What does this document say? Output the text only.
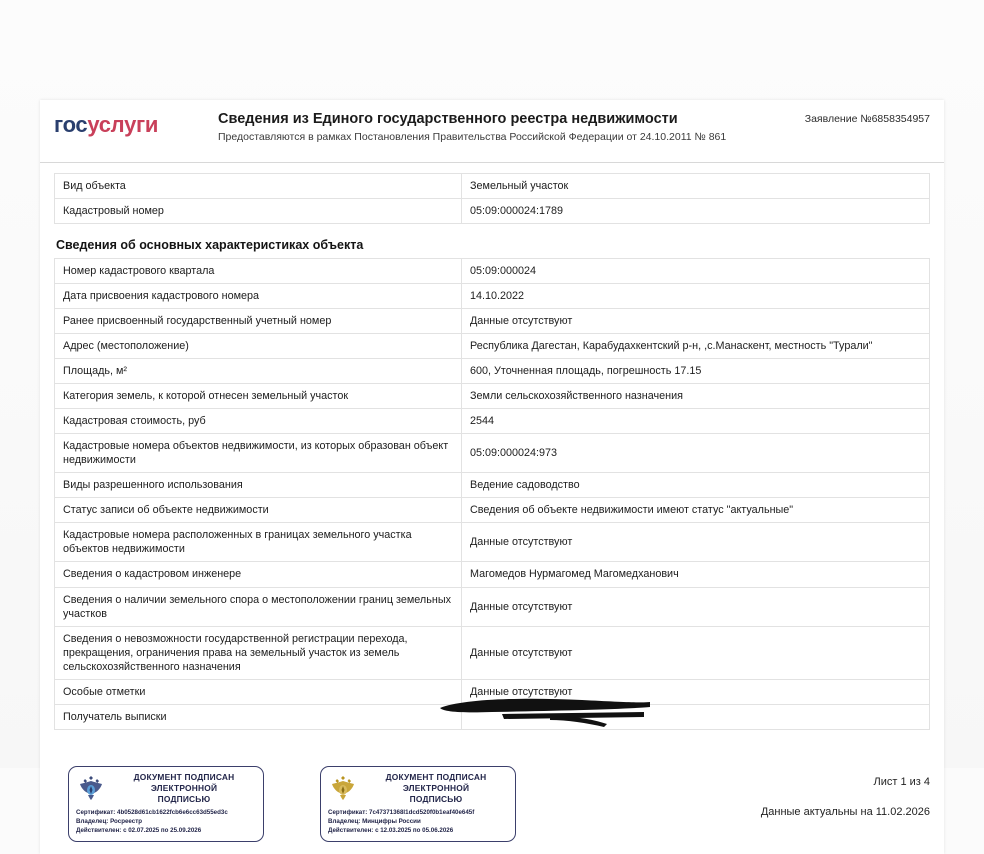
госуслуги	Сведения из Единого государственного реестра недвижимости
Предоставляются в рамках Постановления Правительства Российской Федерации от 24.10.2011 № 861
Заявление №6858354957
Вид объекта	Земельный участок
Кадастровый номер	05:09:000024:1789
Сведения об основных характеристиках объекта
Номер кадастрового квартала	05:09:000024
Дата присвоения кадастрового номера	14.10.2022
Ранее присвоенный государственный учетный номер	Данные отсутствуют
Адрес (местоположение)	Республика Дагестан, Карабудахкентский р-н, ,с.Манаскент, местность "Турали"
Площадь, м²	600, Уточненная площадь, погрешность 17.15
Категория земель, к которой отнесен земельный участок	Земли сельскохозяйственного назначения
Кадастровая стоимость, руб	2544
Кадастровые номера объектов недвижимости, из которых образован объект недвижимости	05:09:000024:973
Виды разрешенного использования	Ведение садоводство
Статус записи об объекте недвижимости	Сведения об объекте недвижимости имеют статус "актуальные"
Кадастровые номера расположенных в границах земельного участка объектов недвижимости	Данные отсутствуют
Сведения о кадастровом инженере	Магомедов Нурмагомед Магомедханович
Сведения о наличии земельного спора о местоположении границ земельных участков	Данные отсутствуют
Сведения о невозможности государственной регистрации перехода, прекращения, ограничения права на земельный участок из земель сельскохозяйственного назначения	Данные отсутствуют
Особые отметки	Данные отсутствуют
Получатель выписки	
ДОКУМЕНТ ПОДПИСАН
ЭЛЕКТРОННОЙ
ПОДПИСЬЮ
Сертификат: 4b0528d61cb1622fcb6e6cc63d55ed3c
Владелец: Росреестр
Действителен: с 02.07.2025 по 25.09.2026
ДОКУМЕНТ ПОДПИСАН
ЭЛЕКТРОННОЙ
ПОДПИСЬЮ
Сертификат: 7c47371368l1dcd520f0b1eaf40e645f
Владелец: Минцифры России
Действителен: с 12.03.2025 по 05.06.2026
Лист 1 из 4
Данные актуальны на 11.02.2026
